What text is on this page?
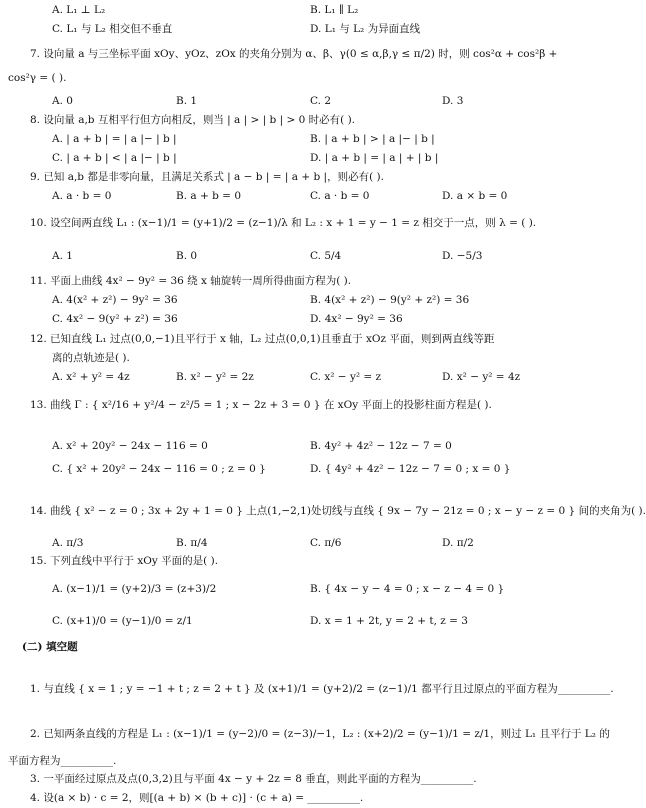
A. L₁ ⊥ L₂	B. L₁ ∥ L₂
C. L₁ 与 L₂ 相交但不垂直	D. L₁ 与 L₂ 为异面直线
7. 设向量 a 与三坐标平面 xOy、yOz、zOx 的夹角分别为 α、β、γ(0 ≤ α,β,γ ≤ π/2) 时，则 cos²α + cos²β +
cos²γ = ( ).
A. 0	B. 1	C. 2	D. 3
8. 设向量 a,b 互相平行但方向相反，则当 | a | > | b | > 0 时必有( ).
A. | a + b | = | a |− | b |	B. | a + b | > | a |− | b |
C. | a + b | < | a |− | b |	D. | a + b | = | a | + | b |
9. 已知 a,b 都是非零向量，且满足关系式 | a − b | = | a + b |，则必有( ).
A. a · b = 0	B. a + b = 0	C. a · b = 0	D. a × b = 0
10. 设空间两直线 L₁ : (x−1)/1 = (y+1)/2 = (z−1)/λ 和 L₂ : x + 1 = y − 1 = z 相交于一点，则 λ = ( ).
A. 1	B. 0	C. 5/4	D. −5/3
11. 平面上曲线 4x² − 9y² = 36 绕 x 轴旋转一周所得曲面方程为( ).
A. 4(x² + z²) − 9y² = 36	B. 4(x² + z²) − 9(y² + z²) = 36
C. 4x² − 9(y² + z²) = 36	D. 4x² − 9y² = 36
12. 已知直线 L₁ 过点(0,0,−1)且平行于 x 轴，L₂ 过点(0,0,1)且垂直于 xOz 平面，则到两直线等距
离的点轨迹是( ).
A. x² + y² = 4z	B. x² − y² = 2z	C. x² − y² = z	D. x² − y² = 4z
13. 曲线 Γ : { x²/16 + y²/4 − z²/5 = 1 ; x − 2z + 3 = 0 } 在 xOy 平面上的投影柱面方程是( ).
A. x² + 20y² − 24x − 116 = 0	B. 4y² + 4z² − 12z − 7 = 0
C. { x² + 20y² − 24x − 116 = 0 ; z = 0 }	D. { 4y² + 4z² − 12z − 7 = 0 ; x = 0 }
14. 曲线 { x² − z = 0 ; 3x + 2y + 1 = 0 } 上点(1,−2,1)处切线与直线 { 9x − 7y − 21z = 0 ; x − y − z = 0 } 间的夹角为( ).
A. π/3	B. π/4	C. π/6	D. π/2
15. 下列直线中平行于 xOy 平面的是( ).
A. (x−1)/1 = (y+2)/3 = (z+3)/2	B. { 4x − y − 4 = 0 ; x − z − 4 = 0 }
C. (x+1)/0 = (y−1)/0 = z/1	D. x = 1 + 2t, y = 2 + t, z = 3
(二) 填空题
1. 与直线 { x = 1 ; y = −1 + t ; z = 2 + t } 及 (x+1)/1 = (y+2)/2 = (z−1)/1 都平行且过原点的平面方程为__________.
2. 已知两条直线的方程是 L₁ : (x−1)/1 = (y−2)/0 = (z−3)/−1，L₂ : (x+2)/2 = (y−1)/1 = z/1，则过 L₁ 且平行于 L₂ 的
平面方程为__________.
3. 一平面经过原点及点(0,3,2)且与平面 4x − y + 2z = 8 垂直，则此平面的方程为__________.
4. 设(a × b) · c = 2，则[(a + b) × (b + c)] · (c + a) = __________.
